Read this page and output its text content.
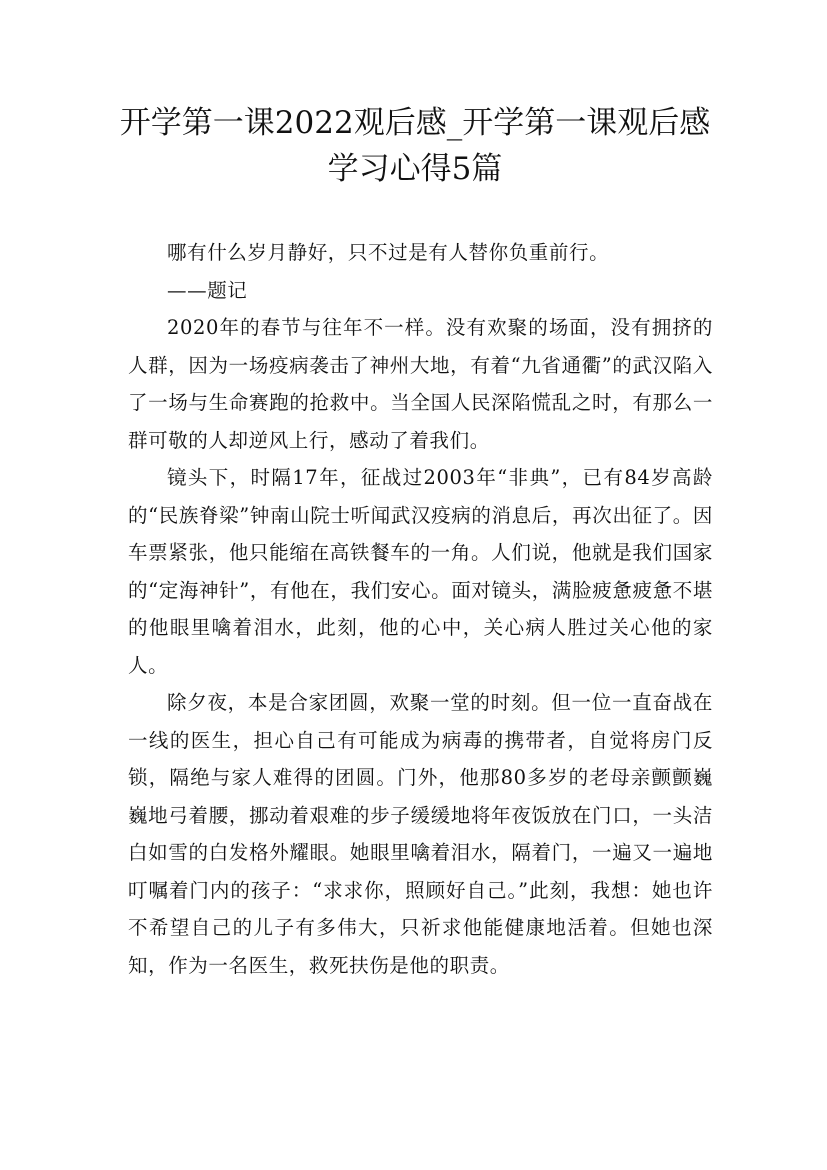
开学第一课2022观后感_开学第一课观后感学习心得5篇

哪有什么岁月静好，只不过是有人替你负重前行。

——题记

2020年的春节与往年不一样。没有欢聚的场面，没有拥挤的人群，因为一场疫病袭击了神州大地，有着“九省通衢”的武汉陷入了一场与生命赛跑的抢救中。当全国人民深陷慌乱之时，有那么一群可敬的人却逆风上行，感动了着我们。

镜头下，时隔17年，征战过2003年“非典”，已有84岁高龄的“民族脊梁”钟南山院士听闻武汉疫病的消息后，再次出征了。因车票紧张，他只能缩在高铁餐车的一角。人们说，他就是我们国家的“定海神针”，有他在，我们安心。面对镜头，满脸疲惫疲惫不堪的他眼里噙着泪水，此刻，他的心中，关心病人胜过关心他的家人。

除夕夜，本是合家团圆，欢聚一堂的时刻。但一位一直奋战在一线的医生，担心自己有可能成为病毒的携带者，自觉将房门反锁，隔绝与家人难得的团圆。门外，他那80多岁的老母亲颤颤巍巍地弓着腰，挪动着艰难的步子缓缓地将年夜饭放在门口，一头洁白如雪的白发格外耀眼。她眼里噙着泪水，隔着门，一遍又一遍地叮嘱着门内的孩子：“求求你，照顾好自己。”此刻，我想：她也许不希望自己的儿子有多伟大，只祈求他能健康地活着。但她也深知，作为一名医生，救死扶伤是他的职责。
